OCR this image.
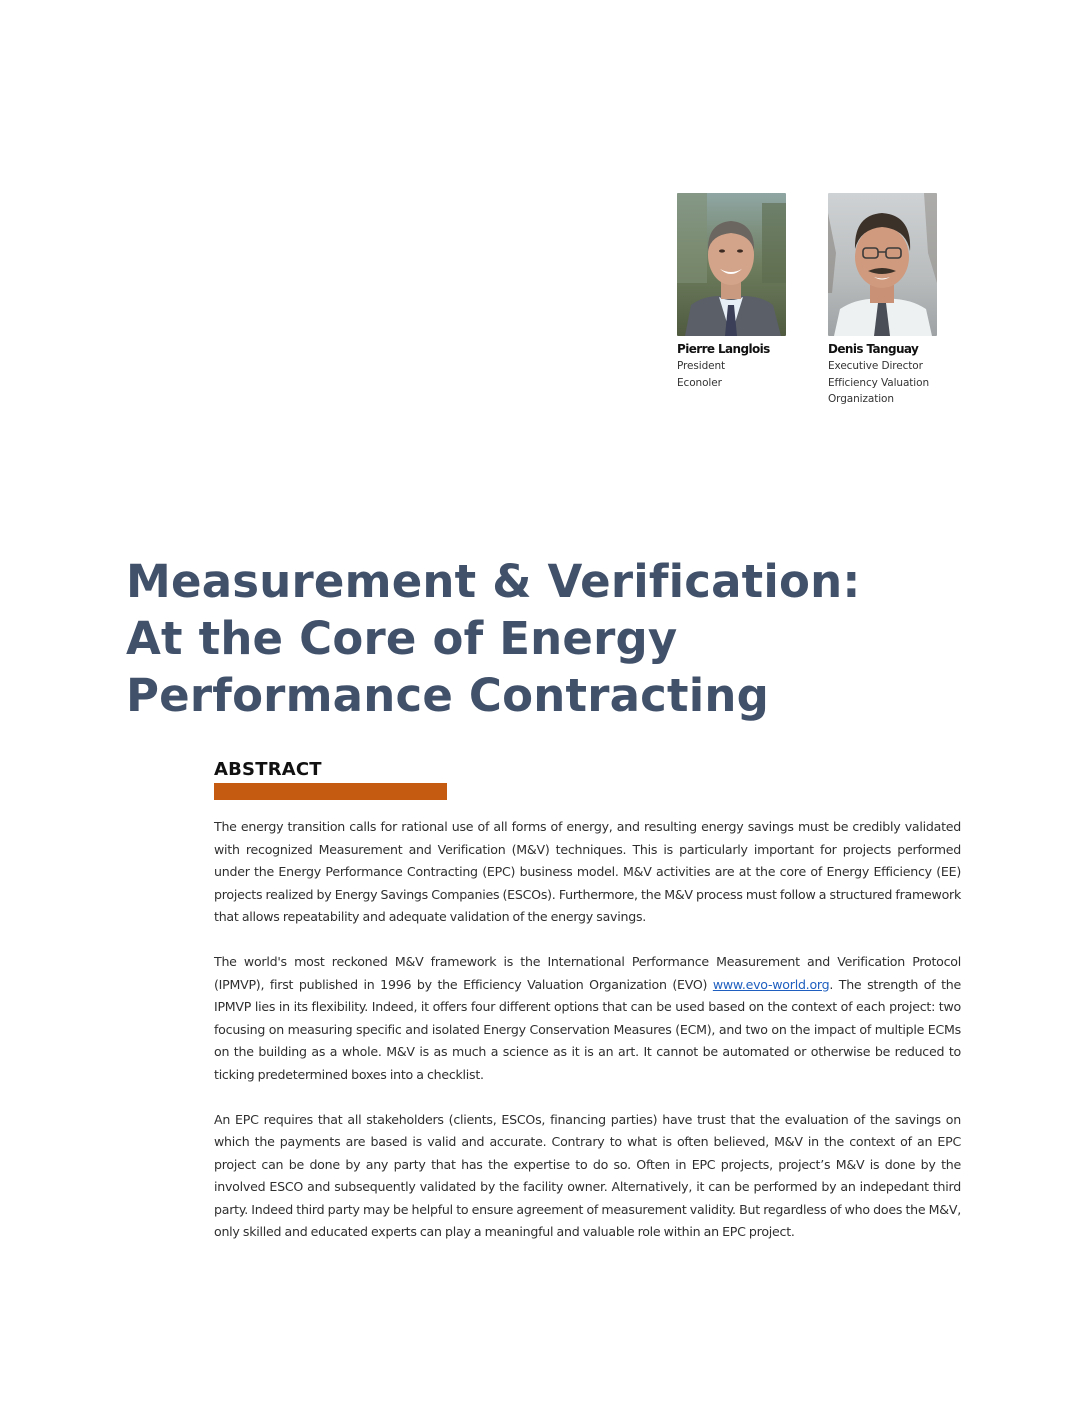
Pierre Langlois
President
Econoler
Denis Tanguay
Executive Director
Efficiency Valuation
Organization
Measurement & Verification:
At the Core of Energy
Performance Contracting
ABSTRACT

The energy transition calls for rational use of all forms of energy, and resulting energy savings must be credibly validated with recognized Measurement and Verification (M&V) techniques. This is particularly important for projects performed under the Energy Performance Contracting (EPC) business model. M&V activities are at the core of Energy Efficiency (EE) projects realized by Energy Savings Companies (ESCOs). Furthermore, the M&V process must follow a structured framework that allows repeatability and adequate validation of the energy savings.

The world's most reckoned M&V framework is the International Performance Measurement and Verification Protocol (IPMVP), first published in 1996 by the Efficiency Valuation Organization (EVO) www.evo-world.org. The strength of the IPMVP lies in its flexibility. Indeed, it offers four different options that can be used based on the context of each project: two focusing on measuring specific and isolated Energy Conservation Measures (ECM), and two on the impact of multiple ECMs on the building as a whole. M&V is as much a science as it is an art. It cannot be automated or otherwise be reduced to ticking predetermined boxes into a checklist.

An EPC requires that all stakeholders (clients, ESCOs, financing parties) have trust that the evaluation of the savings on which the payments are based is valid and accurate. Contrary to what is often believed, M&V in the context of an EPC project can be done by any party that has the expertise to do so. Often in EPC projects, project’s M&V is done by the involved ESCO and subsequently validated by the facility owner. Alternatively, it can be performed by an indepedant third party. Indeed third party may be helpful to ensure agreement of measurement validity. But regardless of who does the M&V, only skilled and educated experts can play a meaningful and valuable role within an EPC project.
